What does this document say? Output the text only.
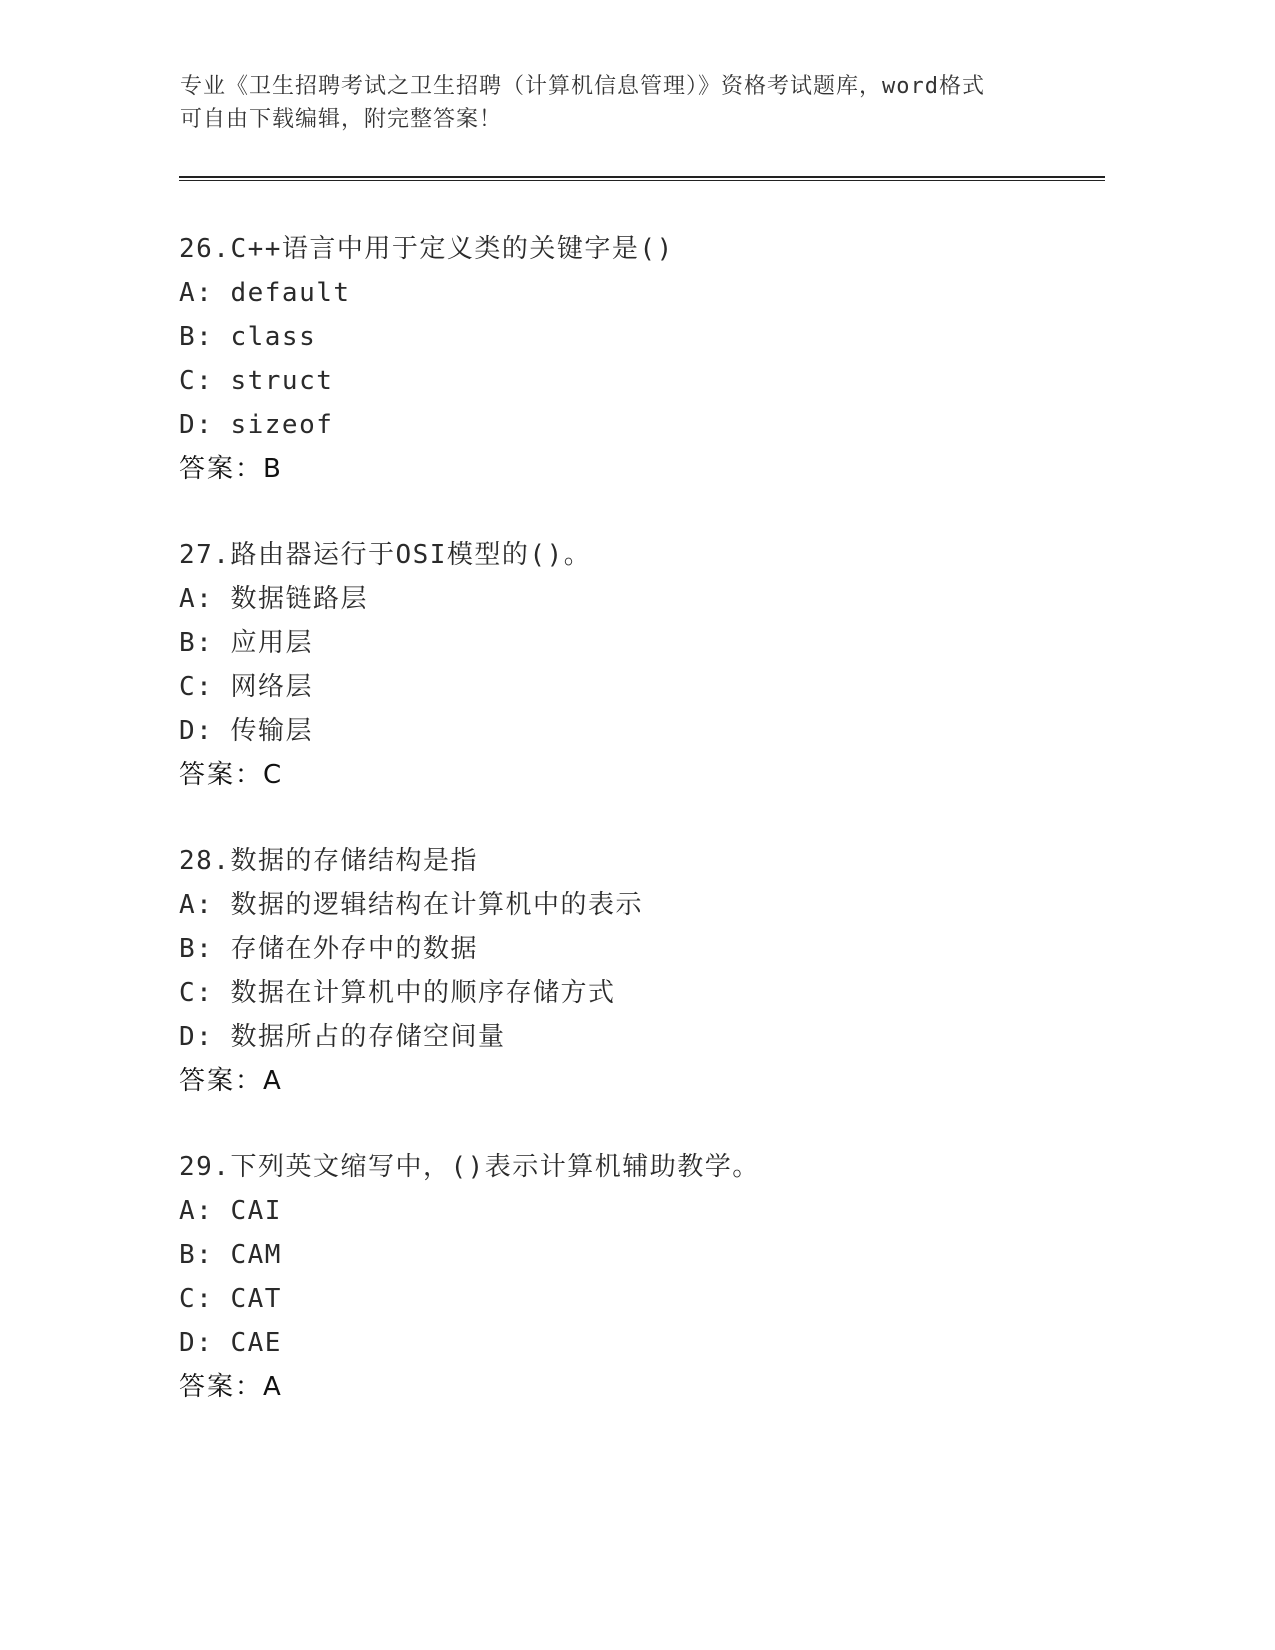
专业《卫生招聘考试之卫生招聘（计算机信息管理）》资格考试题库，word格式

可自由下载编辑，附完整答案！

26.C++语言中用于定义类的关键字是()
A: default
B: class
C: struct
D: sizeof
答案：B
27.路由器运行于OSI模型的()。
A: 数据链路层
B: 应用层
C: 网络层
D: 传输层
答案：C
28.数据的存储结构是指
A: 数据的逻辑结构在计算机中的表示
B: 存储在外存中的数据
C: 数据在计算机中的顺序存储方式
D: 数据所占的存储空间量
答案：A
29.下列英文缩写中，()表示计算机辅助教学。
A: CAI
B: CAM
C: CAT
D: CAE
答案：A
